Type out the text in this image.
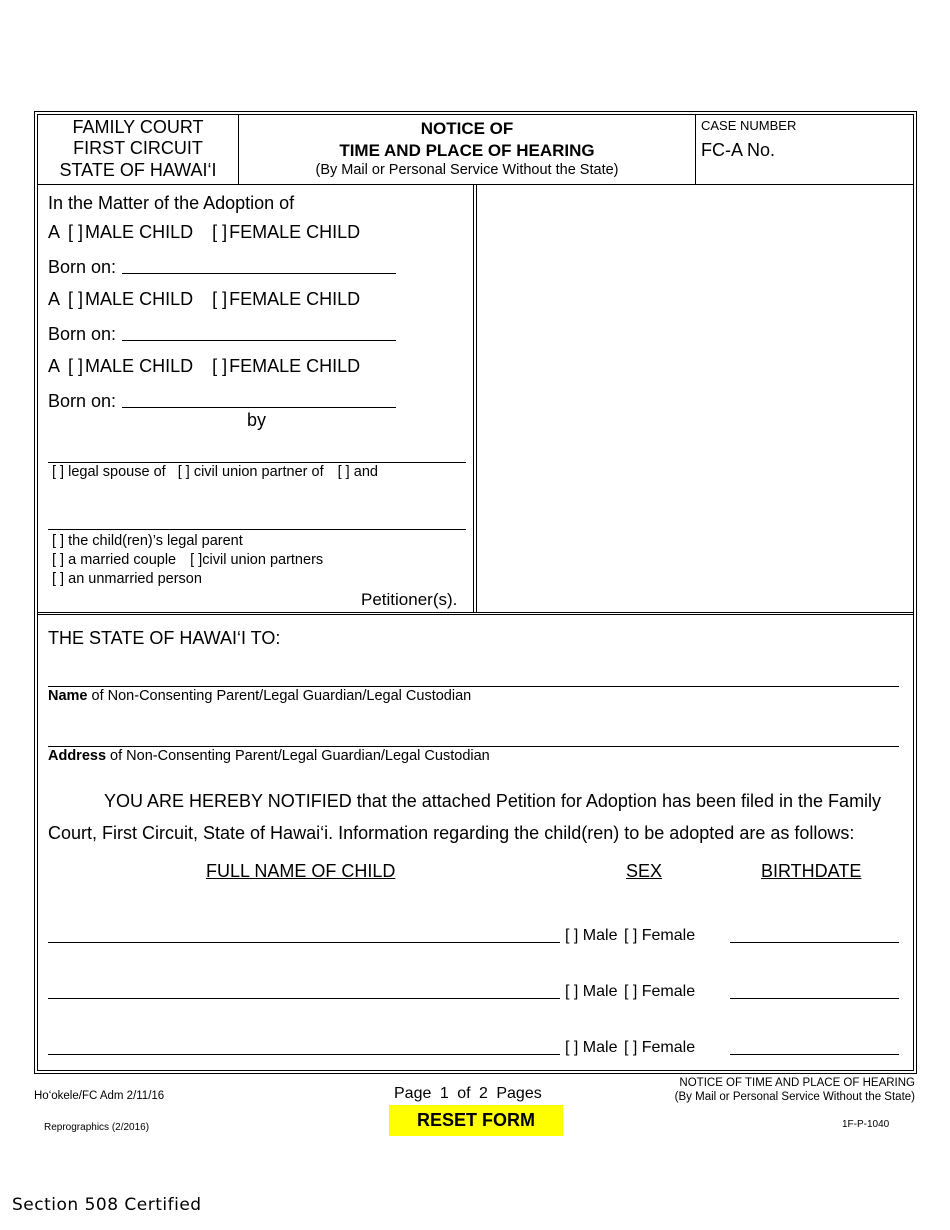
FAMILY COURT
FIRST CIRCUIT
STATE OF HAWAI‘I
NOTICE OF
TIME AND PLACE OF HEARING
(By Mail or Personal Service Without the State)
CASE NUMBER
FC-A No.
In the Matter of the Adoption of
A [ ] MALE CHILD [ ] FEMALE CHILD
Born on:
A [ ] MALE CHILD [ ] FEMALE CHILD
Born on:
A [ ] MALE CHILD [ ] FEMALE CHILD
Born on:
by
[ ] legal spouse of [ ] civil union partner of [ ] and
[ ] the child(ren)’s legal parent
[ ] a married couple [ ]civil union partners
[ ] an unmarried person
Petitioner(s).
THE STATE OF HAWAI‘I TO:
Name of Non-Consenting Parent/Legal Guardian/Legal Custodian
Address of Non-Consenting Parent/Legal Guardian/Legal Custodian
YOU ARE HEREBY NOTIFIED that the attached Petition for Adoption has been filed in the Family
Court, First Circuit, State of Hawai‘i. Information regarding the child(ren) to be adopted are as follows:
FULL NAME OF CHILD	SEX	BIRTHDATE
[ ] Male [ ] Female
[ ] Male [ ] Female
[ ] Male [ ] Female
Ho‘okele/FC Adm 2/11/16
Reprographics (2/2016)
Page 1 of 2 Pages
RESET FORM
NOTICE OF TIME AND PLACE OF HEARING
(By Mail or Personal Service Without the State)
1F-P-1040
Section 508 Certified
